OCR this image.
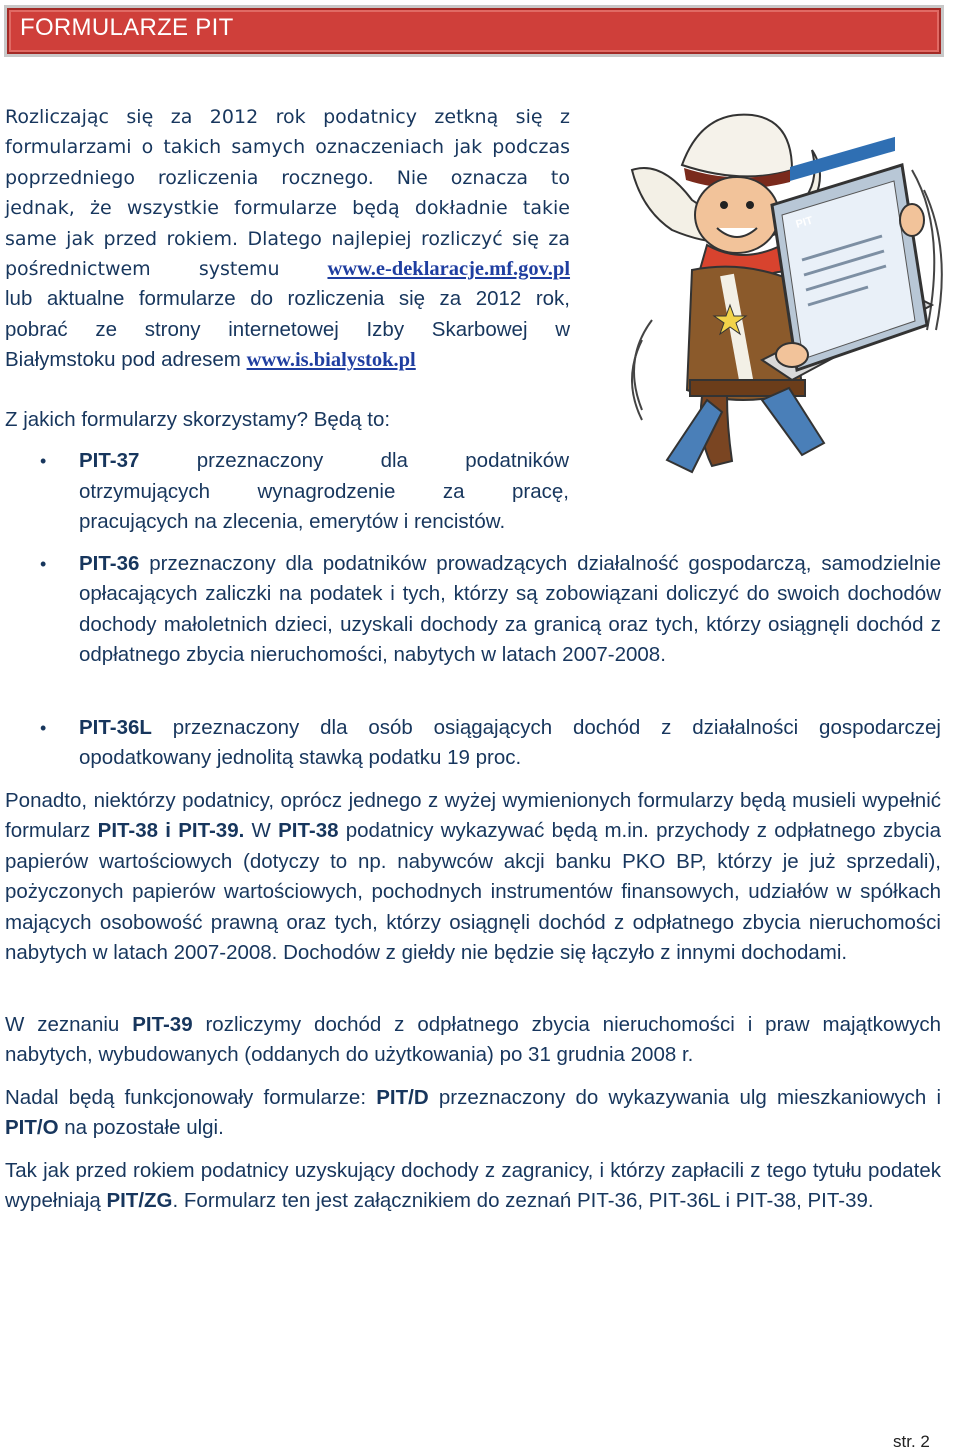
FORMULARZE PIT
Rozliczając się za 2012 rok podatnicy zetkną się z
formularzami o takich samych oznaczeniach jak podczas
poprzedniego rozliczenia rocznego. Nie oznacza to
jednak, że wszystkie formularze będą dokładnie takie
same jak przed rokiem. Dlatego najlepiej rozliczyć się za
pośrednictwem systemu www.e-deklaracje.mf.gov.pl
lub aktualne formularze do rozliczenia się za 2012 rok,
pobrać ze strony internetowej Izby Skarbowej w
Białymstoku pod adresem www.is.bialystok.pl
Z jakich formularzy skorzystamy? Będą to:
• PIT-37	przeznaczony dla podatników
otrzymujących wynagrodzenie za pracę,
pracujących na zlecenia, emerytów i rencistów.
• PIT-36 przeznaczony dla podatników prowadzących działalność gospodarczą, samodzielnie opłacających zaliczki na podatek i tych, którzy są zobowiązani doliczyć do swoich dochodów dochody małoletnich dzieci, uzyskali dochody za granicą oraz tych, którzy osiągnęli dochód z odpłatnego zbycia nieruchomości, nabytych w latach 2007-2008.
• PIT-36L przeznaczony dla osób osiągających dochód z działalności gospodarczej opodatkowany jednolitą stawką podatku 19 proc.
Ponadto, niektórzy podatnicy, oprócz jednego z wyżej wymienionych formularzy będą musieli wypełnić formularz PIT-38 i PIT-39. W PIT-38 podatnicy wykazywać będą m.in. przychody z odpłatnego zbycia papierów wartościowych (dotyczy to np. nabywców akcji banku PKO BP, którzy je już sprzedali), pożyczonych papierów wartościowych, pochodnych instrumentów finansowych, udziałów w spółkach mających osobowość prawną oraz tych, którzy osiągnęli dochód z odpłatnego zbycia nieruchomości nabytych w latach 2007-2008. Dochodów z giełdy nie będzie się łączyło z innymi dochodami.
W zeznaniu PIT-39 rozliczymy dochód z odpłatnego zbycia nieruchomości i praw majątkowych nabytych, wybudowanych (oddanych do użytkowania) po 31 grudnia 2008 r.
Nadal będą funkcjonowały formularze: PIT/D przeznaczony do wykazywania ulg mieszkaniowych i PIT/O na pozostałe ulgi.
Tak jak przed rokiem podatnicy uzyskujący dochody z zagranicy, i którzy zapłacili z tego tytułu podatek wypełniają PIT/ZG. Formularz ten jest załącznikiem do zeznań PIT-36, PIT-36L i PIT-38, PIT-39.
PIT
str. 2
